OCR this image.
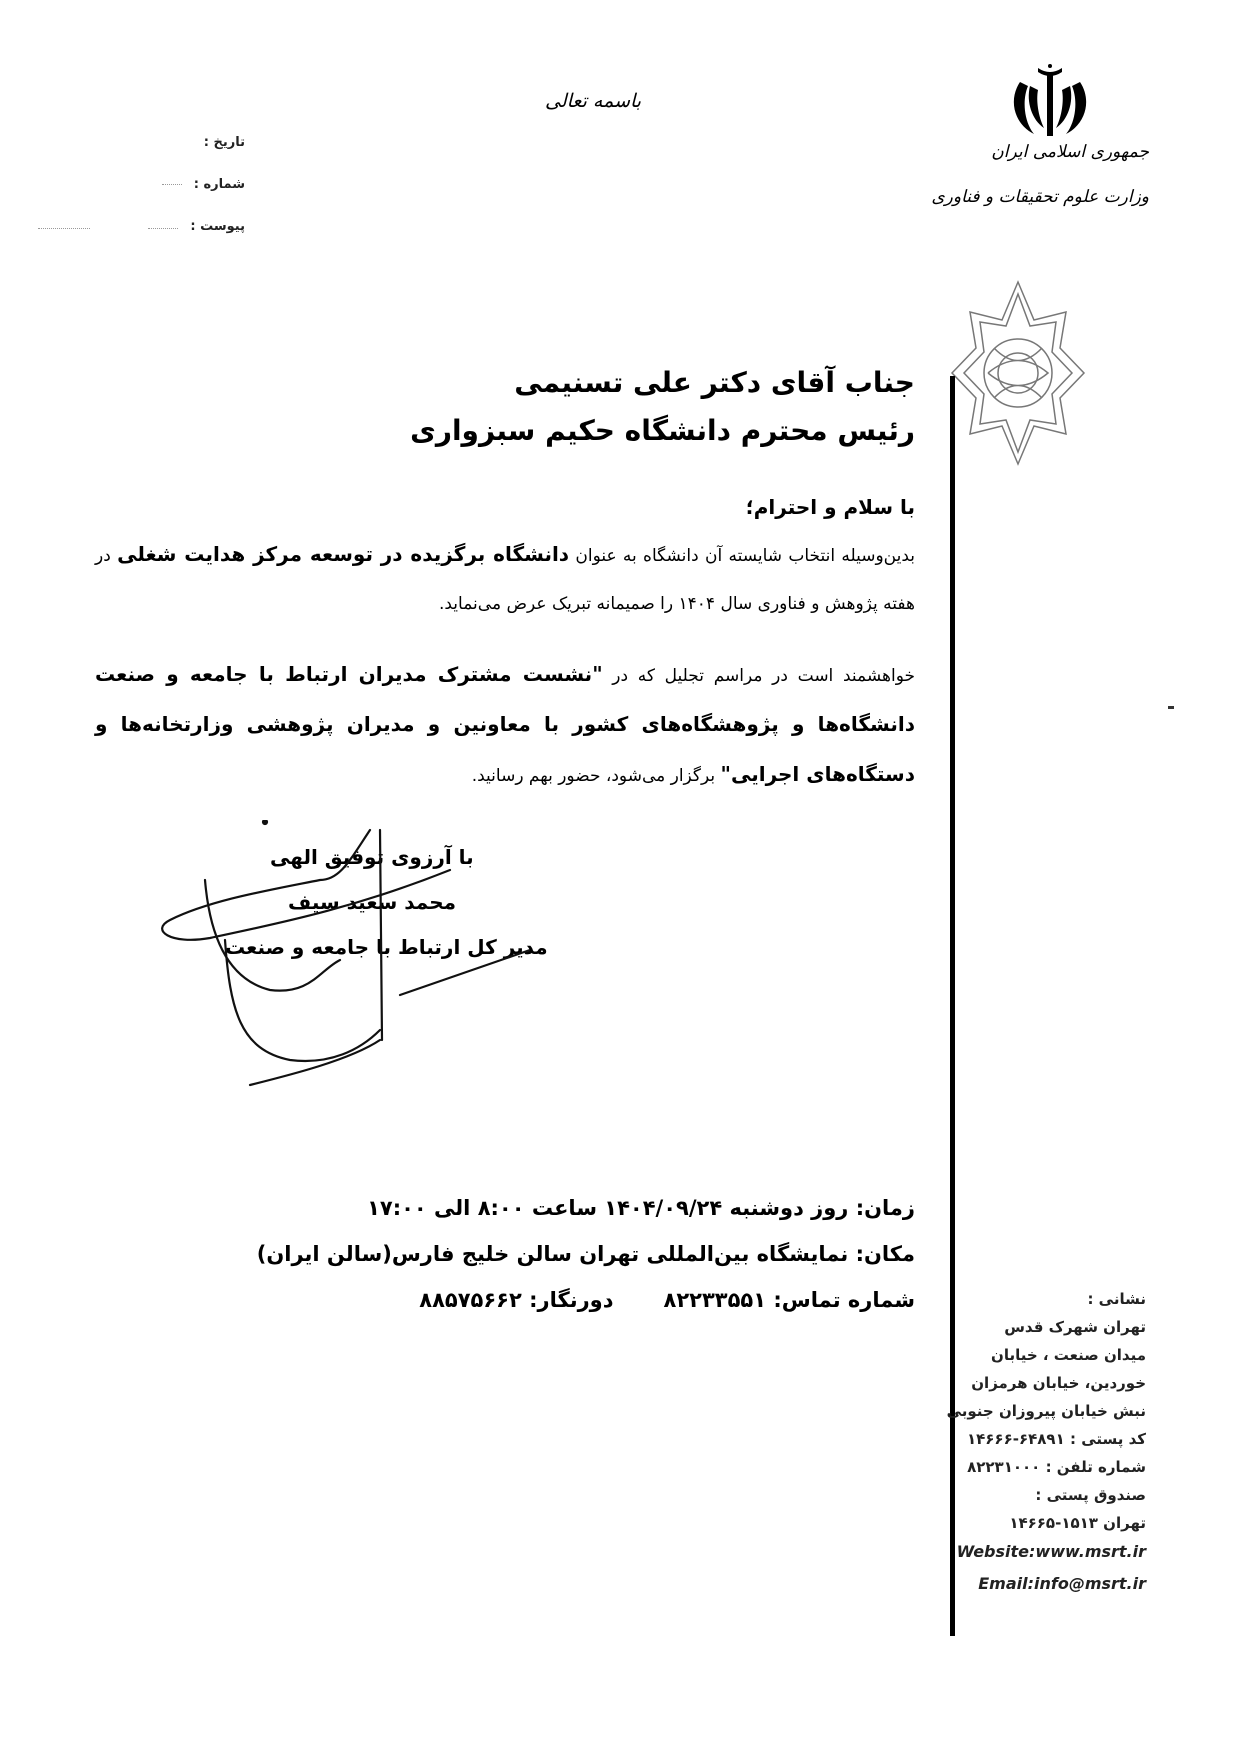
جمهوری اسلامی ایران
وزارت علوم تحقیقات و فناوری
باسمه تعالی
تاریخ :
شماره :
پیوست :
جناب آقای دکتر علی تسنیمی
رئیس محترم دانشگاه حکیم سبزواری
با سلام و احترام؛
بدین‌وسیله انتخاب شایسته آن دانشگاه به عنوان دانشگاه برگزیده در توسعه مرکز هدایت شغلی در هفته پژوهش و فناوری سال ۱۴۰۴ را صمیمانه تبریک عرض می‌نماید.
خواهشمند است در مراسم تجلیل که در "نشست مشترک مدیران ارتباط با جامعه و صنعت دانشگاه‌ها و پژوهشگاه‌های کشور با معاونین و مدیران پژوهشی وزارتخانه‌ها و دستگاه‌های اجرایی" برگزار می‌شود، حضور بهم رسانید.
با آرزوی توفیق الهی
محمد سعید سیف
مدیر کل ارتباط با جامعه و صنعت
زمان: روز دوشنبه ۱۴۰۴/۰۹/۲۴ ساعت ۸:۰۰ الی ۱۷:۰۰
مکان: نمایشگاه بین‌المللی تهران سالن خلیج فارس(سالن ایران)
شماره تماس: ۸۲۲۳۳۵۵۱دورنگار: ۸۸۵۷۵۶۶۲	نشانی :
تهران شهرک قدس
میدان صنعت ، خیابان
خوردین، خیابان هرمزان
نبش خیابان پیروزان جنوبی
کد پستی : ۶۴۸۹۱-۱۴۶۶۶
شماره تلفن : ۸۲۲۳۱۰۰۰
صندوق پستی :
تهران ۱۵۱۳-۱۴۶۶۵
Website:www.msrt.ir
Email:info@msrt.ir
